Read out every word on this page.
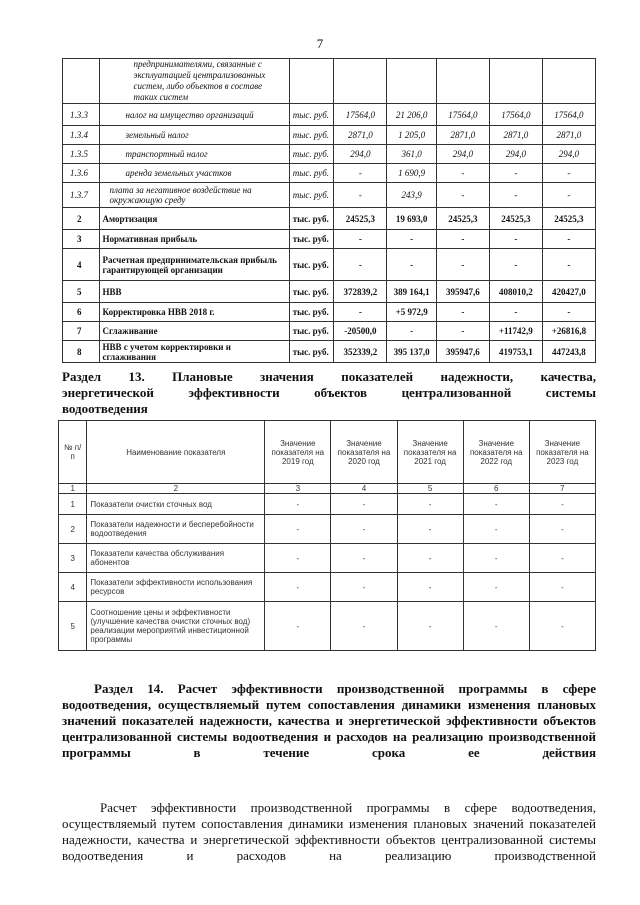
7
	предпринимателями, связанные с эксплуатацией централизованных систем, либо объектов в составе таких систем						
1.3.3	налог на имущество организаций	тыс. руб.	17564,0	21 206,0	17564,0	17564,0	17564,0
1.3.4	земельный налог	тыс. руб.	2871,0	1 205,0	2871,0	2871,0	2871,0
1.3.5	транспортный налог	тыс. руб.	294,0	361,0	294,0	294,0	294,0
1.3.6	аренда земельных участков	тыс. руб.	-	1 690,9	-	-	-
1.3.7	плата за негативное воздействие на окружающую среду	тыс. руб.	-	243,9	-	-	-
2	Амортизация	тыс. руб.	24525,3	19 693,0	24525,3	24525,3	24525,3
3	Нормативная прибыль	тыс. руб.	-	-	-	-	-
4	Расчетная предпринимательская прибыль гарантирующей организации	тыс. руб.	-	-	-	-	-
5	НВВ	тыс. руб.	372839,2	389 164,1	395947,6	408010,2	420427,0
6	Корректировка НВВ 2018 г.	тыс. руб.	-	+5 972,9	-	-	-
7	Сглаживание	тыс. руб.	-20500,0	-	-	+11742,9	+26816,8
8	НВВ с учетом корректировки и сглаживания	тыс. руб.	352339,2	395 137,0	395947,6	419753,1	447243,8
Раздел 13. Плановые значения показателей надежности, качества,
энергетической эффективности объектов централизованной системы
водоотведения
№ п/п	Наименование показателя	Значение показателя на 2019 год	Значение показателя на 2020 год	Значение показателя на 2021 год	Значение показателя на 2022 год	Значение показателя на 2023 год
1	2	3	4	5	6	7
1	Показатели очистки сточных вод	-	-	-	-	-
2	Показатели надежности и бесперебойности водоотведения	-	-	-	-	-
3	Показатели качества обслуживания абонентов	-	-	-	-	-
4	Показатели эффективности использования ресурсов	-	-	-	-	-
5	Соотношение цены и эффективности (улучшение качества очистки сточных вод) реализации мероприятий инвестиционной программы	-	-	-	-	-
Раздел 14. Расчет эффективности производственной программы в сфере водоотведения, осуществляемый путем сопоставления динамики изменения плановых значений показателей надежности, качества и энергетической эффективности объектов централизованной системы водоотведения и расходов на реализацию производственной программы в течение срока ее действия
Расчет эффективности производственной программы в сфере водоотведения, осуществляемый путем сопоставления динамики изменения плановых значений показателей надежности, качества и энергетической эффективности объектов централизованной системы водоотведения и расходов на реализацию производственной
